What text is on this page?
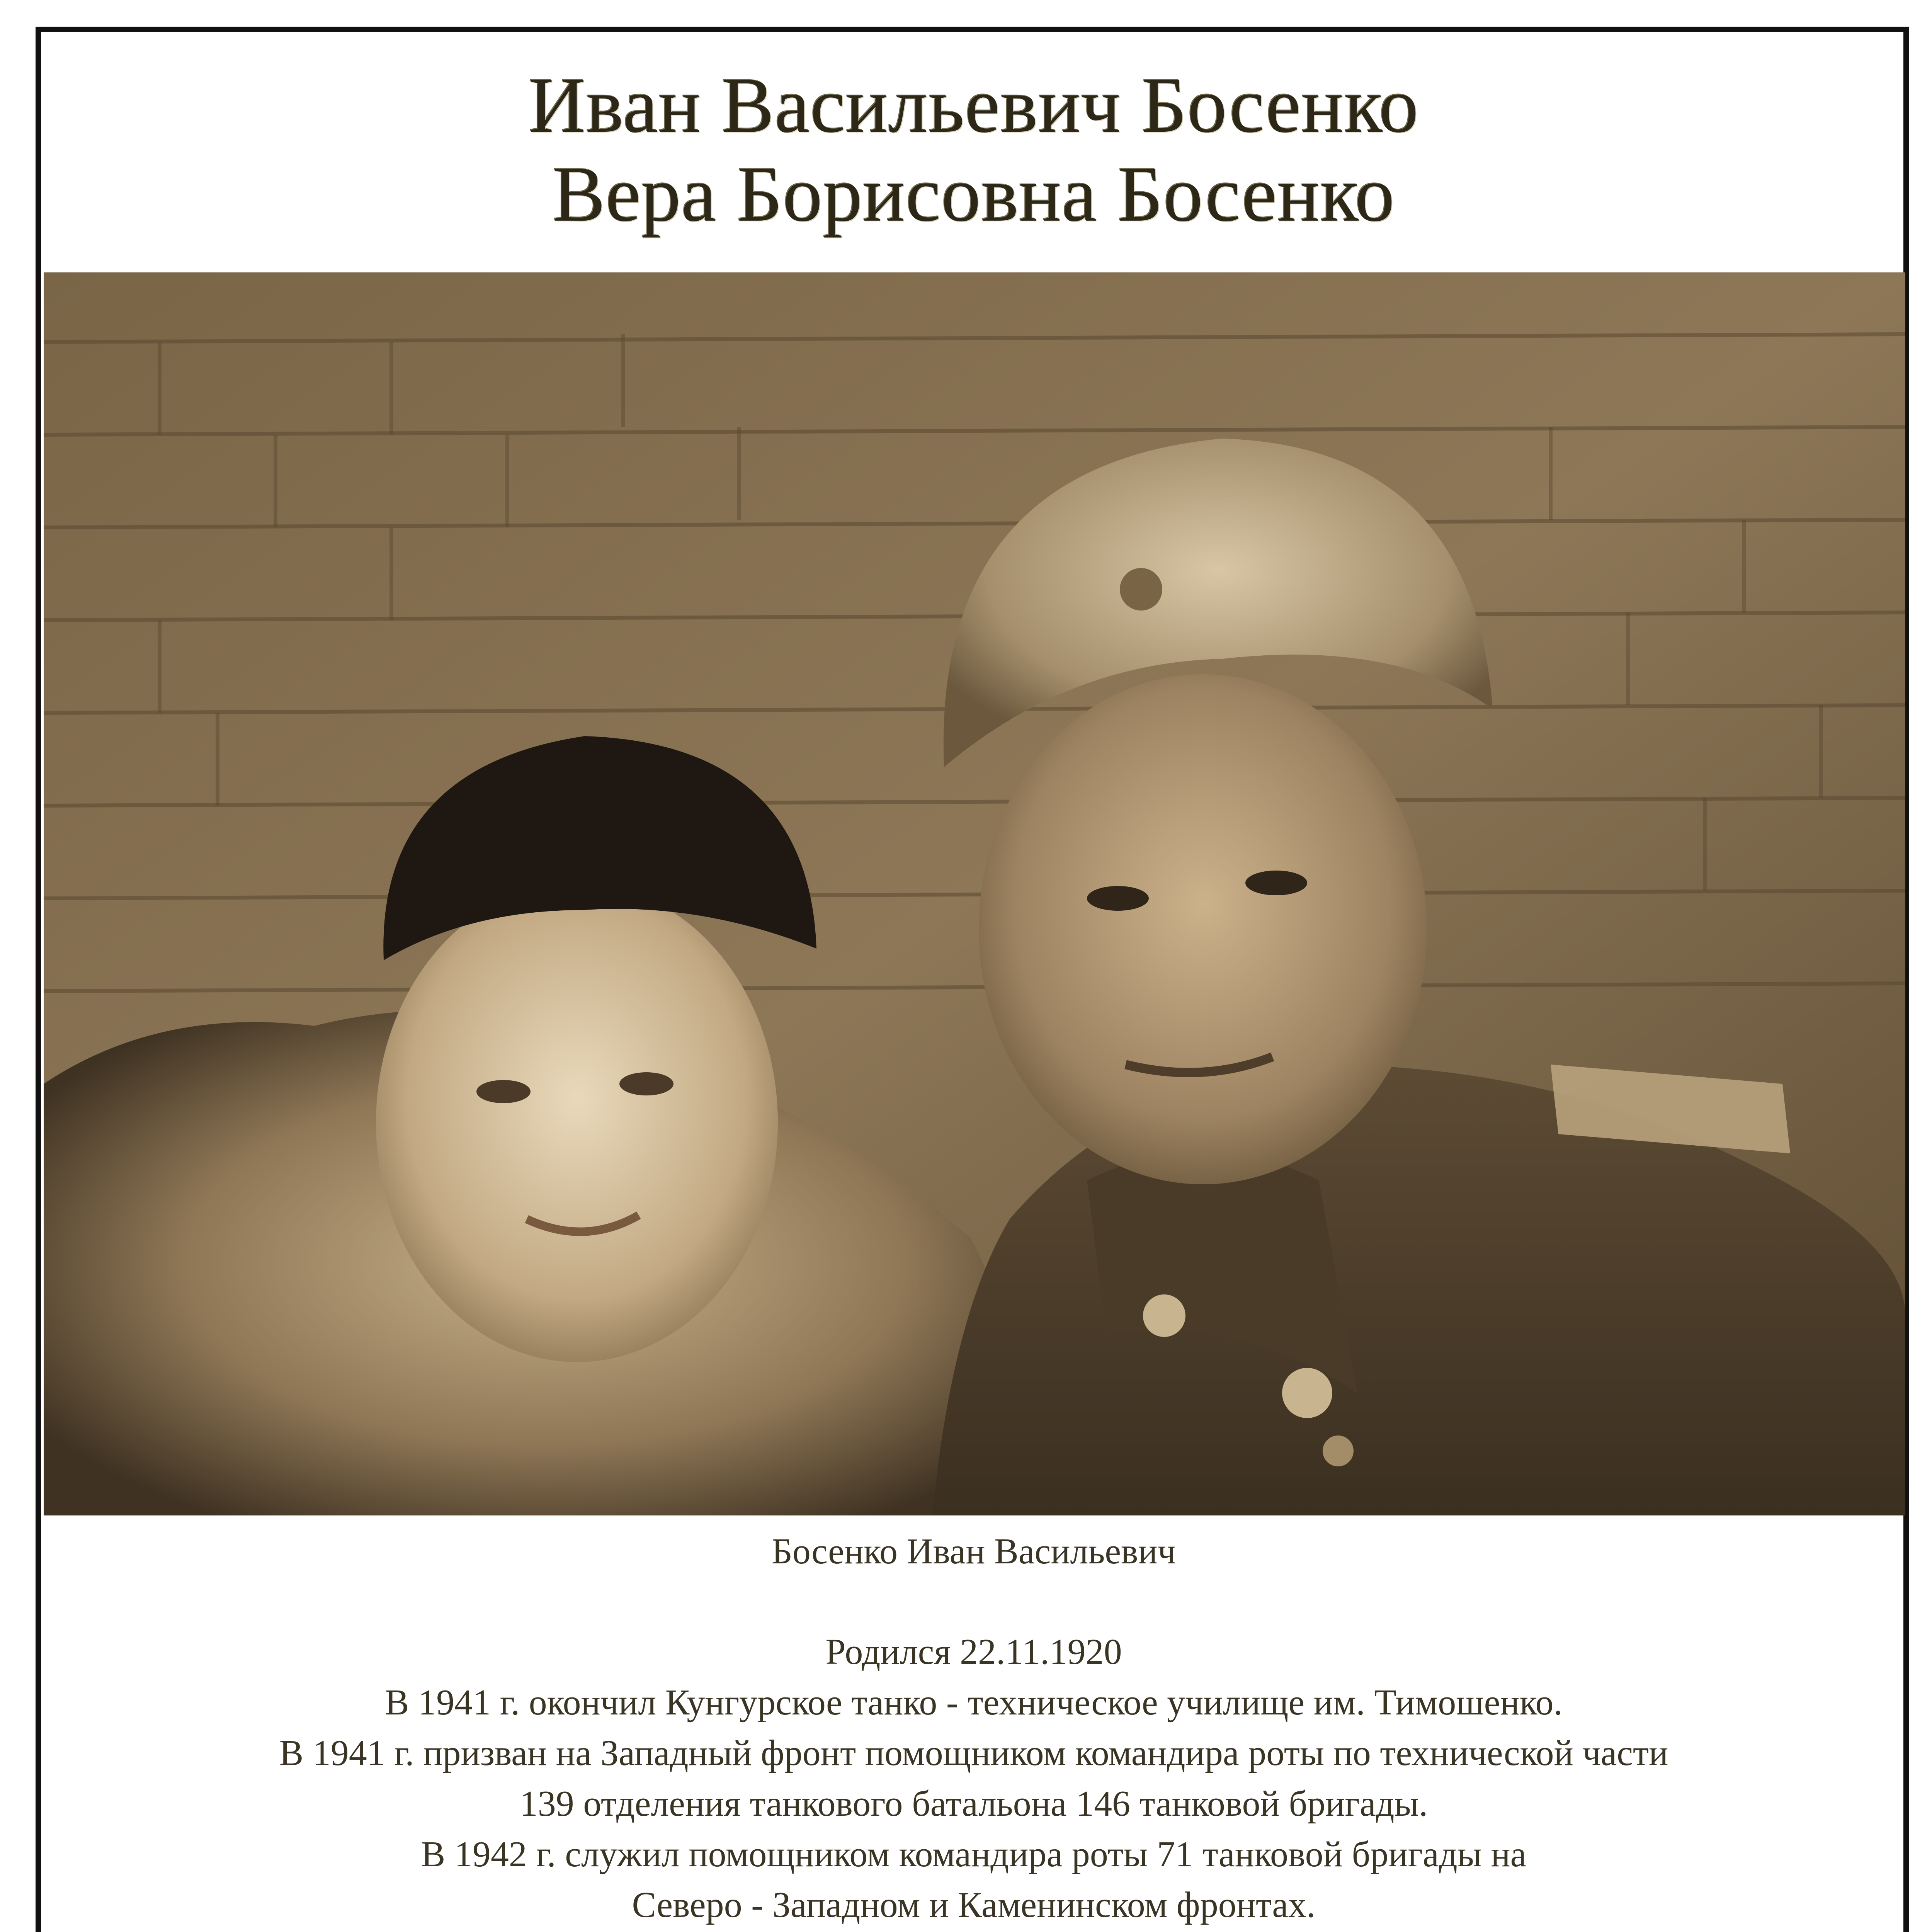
Иван Васильевич Босенко
Вера Борисовна Босенко
Босенко Иван Васильевич
Родился 22.11.1920
В 1941 г. окончил Кунгурское танко - техническое училище им. Тимошенко.
В 1941 г. призван на Западный фронт помощником командира роты по технической части
139 отделения танкового батальона 146 танковой бригады.
В 1942 г. служил помощником командира роты 71 танковой бригады на
Северо - Западном и Каменинском фронтах.
